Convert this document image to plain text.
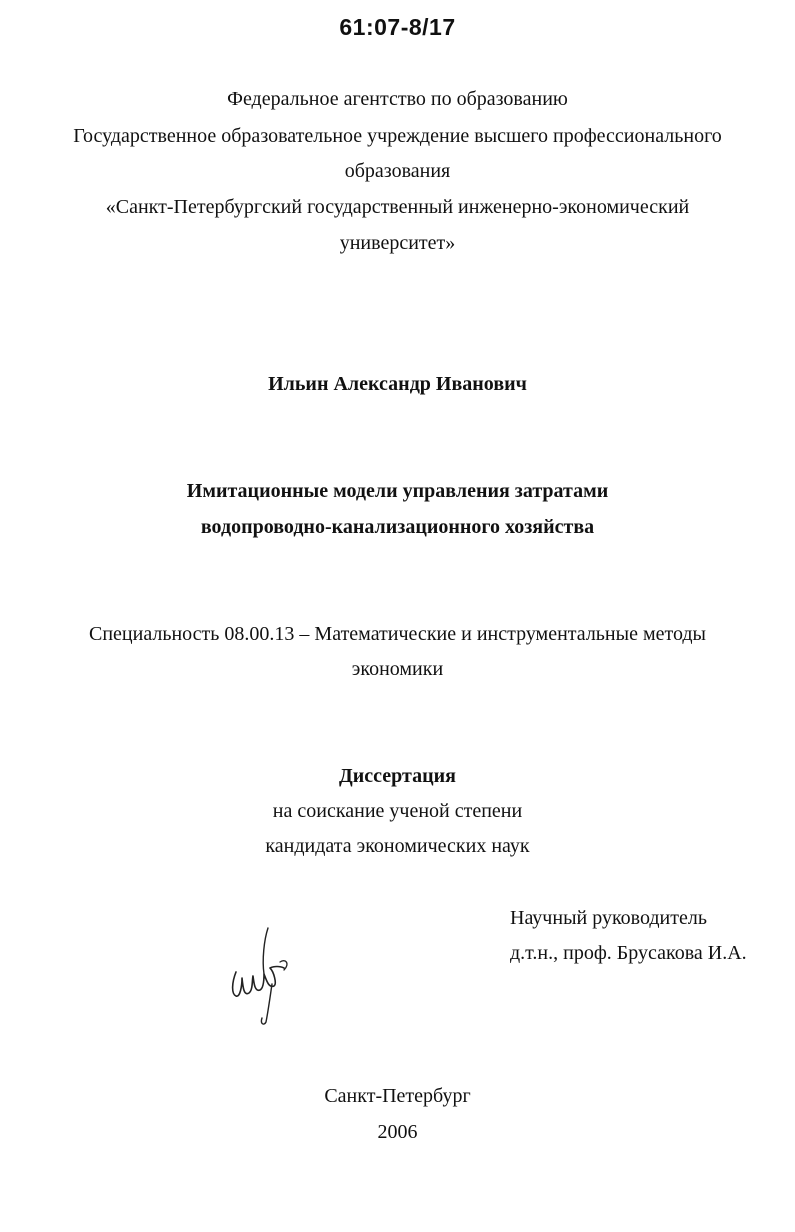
61:07-8/17
Федеральное агентство по образованию
Государственное образовательное учреждение высшего профессионального
образования
«Санкт-Петербургский государственный инженерно-экономический
университет»
Ильин Александр Иванович
Имитационные модели управления затратами
водопроводно-канализационного хозяйства
Специальность 08.00.13 – Математические и инструментальные методы
экономики
Диссертация
на соискание ученой степени
кандидата экономических наук
Научный руководитель
д.т.н., проф. Брусакова И.А.
Санкт-Петербург
2006
